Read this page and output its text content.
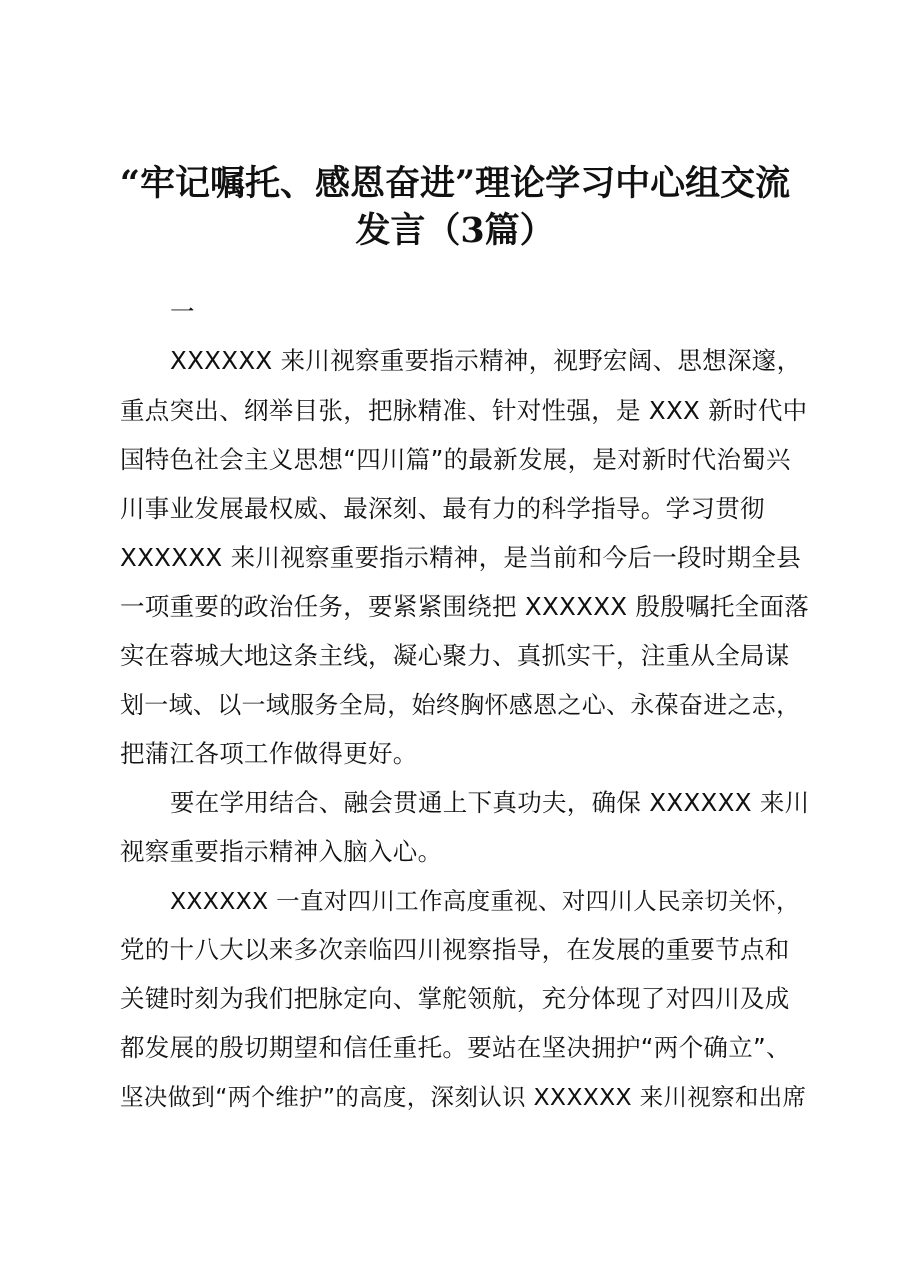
“牢记嘱托、感恩奋进”理论学习中心组交流
发言（3篇）
一
XXXXXX 来川视察重要指示精神，视野宏阔、思想深邃，
重点突出、纲举目张，把脉精准、针对性强，是 XXX 新时代中
国特色社会主义思想“四川篇”的最新发展，是对新时代治蜀兴
川事业发展最权威、最深刻、最有力的科学指导。学习贯彻
XXXXXX 来川视察重要指示精神，是当前和今后一段时期全县
一项重要的政治任务，要紧紧围绕把 XXXXXX 殷殷嘱托全面落
实在蓉城大地这条主线，凝心聚力、真抓实干，注重从全局谋
划一域、以一域服务全局，始终胸怀感恩之心、永葆奋进之志，
把蒲江各项工作做得更好。
要在学用结合、融会贯通上下真功夫，确保 XXXXXX 来川
视察重要指示精神入脑入心。
XXXXXX 一直对四川工作高度重视、对四川人民亲切关怀，
党的十八大以来多次亲临四川视察指导，在发展的重要节点和
关键时刻为我们把脉定向、掌舵领航，充分体现了对四川及成
都发展的殷切期望和信任重托。要站在坚决拥护“两个确立”、
坚决做到“两个维护”的高度，深刻认识 XXXXXX 来川视察和出席
